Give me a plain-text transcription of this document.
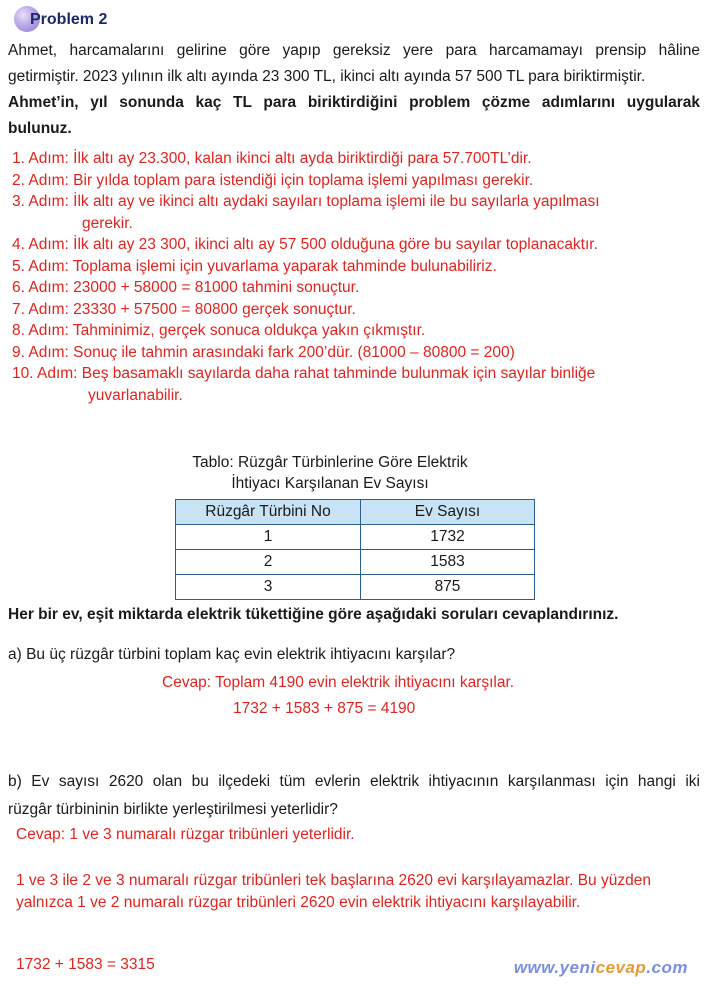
Problem 2
Ahmet, harcamalarını gelirine göre yapıp gereksiz yere para harcamamayı prensip hâline
getirmiştir. 2023 yılının ilk altı ayında 23 300 TL, ikinci altı ayında 57 500 TL para biriktirmiştir.
Ahmet’in, yıl sonunda kaç TL para biriktirdiğini problem çözme adımlarını uygularak
bulunuz.
1. Adım: İlk altı ay 23.300, kalan ikinci altı ayda biriktirdiği para 57.700TL’dir.
2. Adım: Bir yılda toplam para istendiği için toplama işlemi yapılması gerekir.
3. Adım: İlk altı ay ve ikinci altı aydaki sayıları toplama işlemi ile bu sayılarla yapılması
gerekir.
4. Adım: İlk altı ay 23 300, ikinci altı ay 57 500 olduğuna göre bu sayılar toplanacaktır.
5. Adım: Toplama işlemi için yuvarlama yaparak tahminde bulunabiliriz.
6. Adım: 23000 + 58000 = 81000 tahmini sonuçtur.
7. Adım: 23330 + 57500 = 80800 gerçek sonuçtur.
8. Adım: Tahminimiz, gerçek sonuca oldukça yakın çıkmıştır.
9. Adım: Sonuç ile tahmin arasındaki fark 200’dür. (81000 – 80800 = 200)
10. Adım: Beş basamaklı sayılarda daha rahat tahminde bulunmak için sayılar binliğe
yuvarlanabilir.
Tablo: Rüzgâr Türbinlerine Göre Elektrik
İhtiyacı Karşılanan Ev Sayısı
Rüzgâr Türbini No	Ev Sayısı
1	1732
2	1583
3	875
Her bir ev, eşit miktarda elektrik tükettiğine göre aşağıdaki soruları cevaplandırınız.
a) Bu üç rüzgâr türbini toplam kaç evin elektrik ihtiyacını karşılar?
Cevap: Toplam 4190 evin elektrik ihtiyacını karşılar.
1732 + 1583 + 875 = 4190
b) Ev sayısı 2620 olan bu ilçedeki tüm evlerin elektrik ihtiyacının karşılanması için hangi iki
rüzgâr türbininin birlikte yerleştirilmesi yeterlidir?
Cevap: 1 ve 3 numaralı rüzgar tribünleri yeterlidir.
1 ve 3 ile 2 ve 3 numaralı rüzgar tribünleri tek başlarına 2620 evi karşılayamazlar. Bu yüzden yalnızca 1 ve 2 numaralı rüzgar tribünleri 2620 evin elektrik ihtiyacını karşılayabilir.
1732 + 1583 = 3315	www.yenicevap.com
